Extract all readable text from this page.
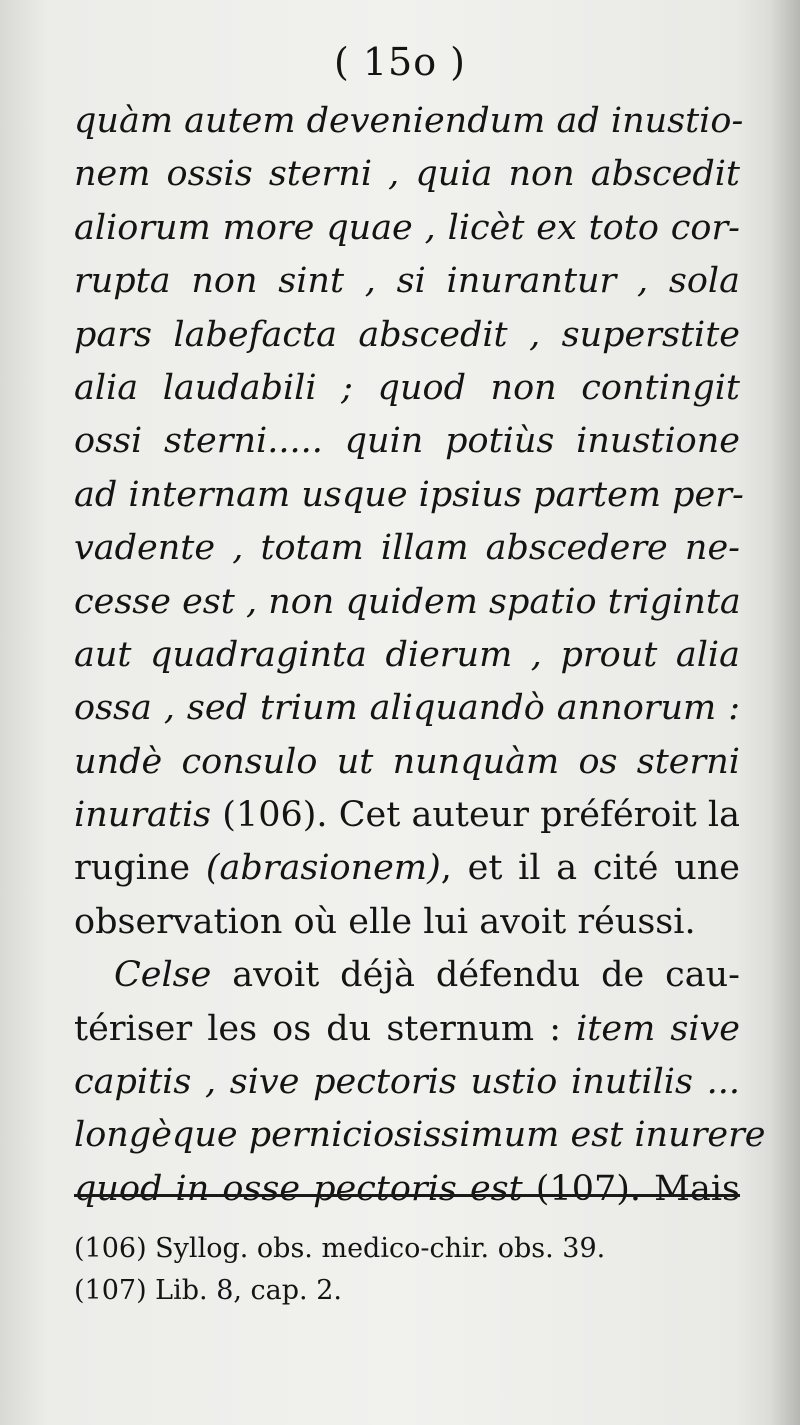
( 15o )
quàm autem deveniendum ad inustio-
nem ossis sterni , quia non abscedit
aliorum more quae , licèt ex toto cor-
rupta non sint , si inurantur , sola
pars labefacta abscedit , superstite
alia laudabili ; quod non contingit
ossi sterni..... quin potiùs inustione
ad internam usque ipsius partem per-
vadente , totam illam abscedere ne-
cesse est , non quidem spatio triginta
aut quadraginta dierum , prout alia
ossa , sed trium aliquandò annorum :
undè consulo ut nunquàm os sterni
inuratis (106). Cet auteur préféroit la
rugine (abrasionem), et il a cité une
observation où elle lui avoit réussi.
Celse avoit déjà défendu de cau-
tériser les os du sternum : item sive
capitis , sive pectoris ustio inutilis ...
longèque perniciosissimum est inurere
quod in osse pectoris est (107). Mais
(106) Syllog. obs. medico-chir. obs. 39.
(107) Lib. 8, cap. 2.
